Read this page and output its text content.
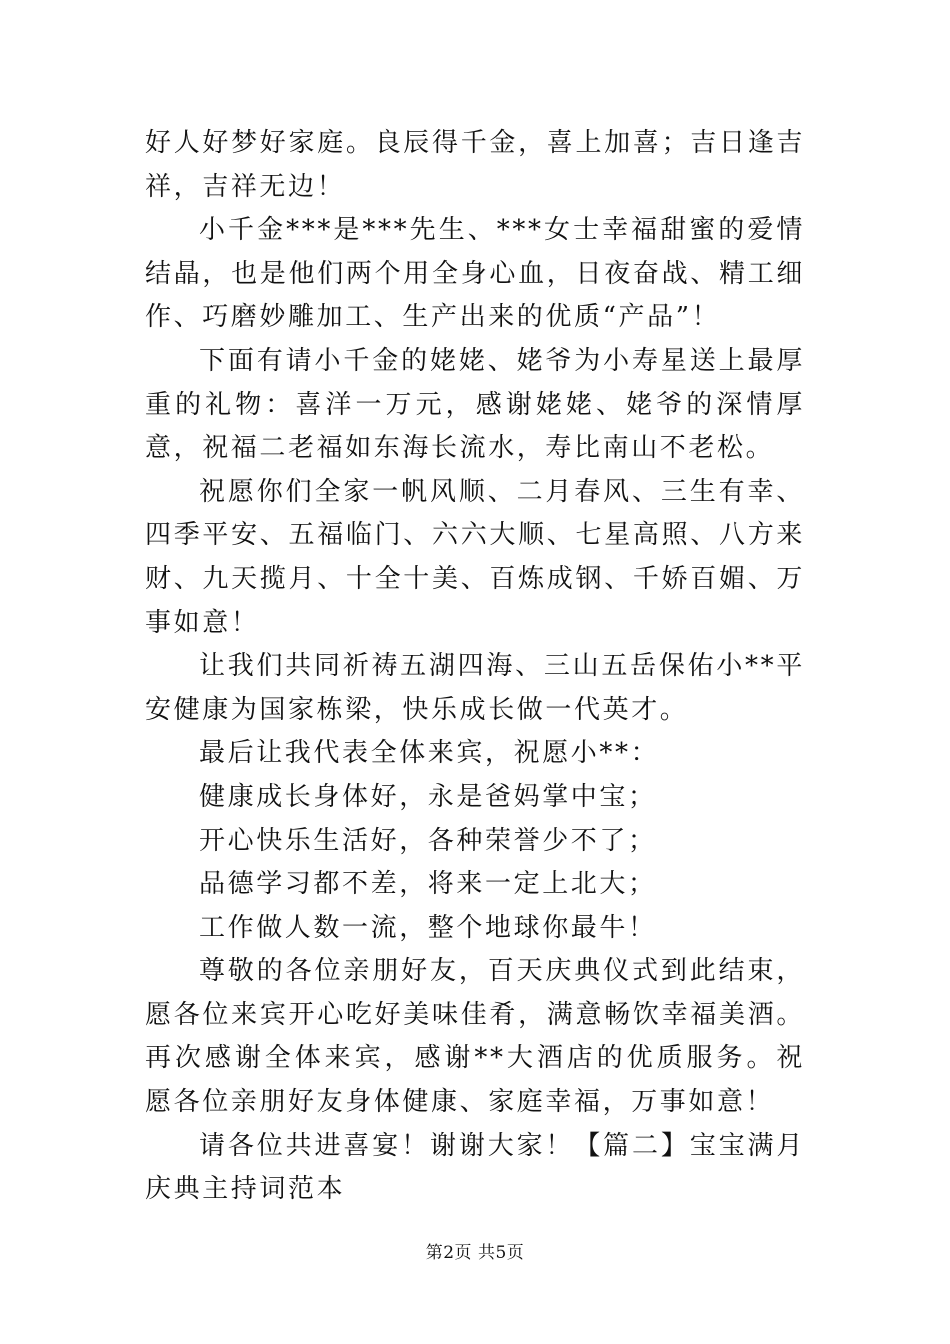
好人好梦好家庭。良辰得千金，喜上加喜；吉日逢吉祥，吉祥无边！

小千金***是***先生、***女士幸福甜蜜的爱情结晶，也是他们两个用全身心血，日夜奋战、精工细作、巧磨妙雕加工、生产出来的优质“产品”！

下面有请小千金的姥姥、姥爷为小寿星送上最厚重的礼物：喜洋一万元，感谢姥姥、姥爷的深情厚意，祝福二老福如东海长流水，寿比南山不老松。

祝愿你们全家一帆风顺、二月春风、三生有幸、四季平安、五福临门、六六大顺、七星高照、八方来财、九天揽月、十全十美、百炼成钢、千娇百媚、万事如意！

让我们共同祈祷五湖四海、三山五岳保佑小**平安健康为国家栋梁，快乐成长做一代英才。

最后让我代表全体来宾，祝愿小**：

健康成长身体好，永是爸妈掌中宝；

开心快乐生活好，各种荣誉少不了；

品德学习都不差，将来一定上北大；

工作做人数一流，整个地球你最牛！

尊敬的各位亲朋好友，百天庆典仪式到此结束，愿各位来宾开心吃好美味佳肴，满意畅饮幸福美酒。再次感谢全体来宾，感谢**大酒店的优质服务。祝愿各位亲朋好友身体健康、家庭幸福，万事如意！

请各位共进喜宴！谢谢大家！【篇二】宝宝满月庆典主持词范本

第2页 共5页
